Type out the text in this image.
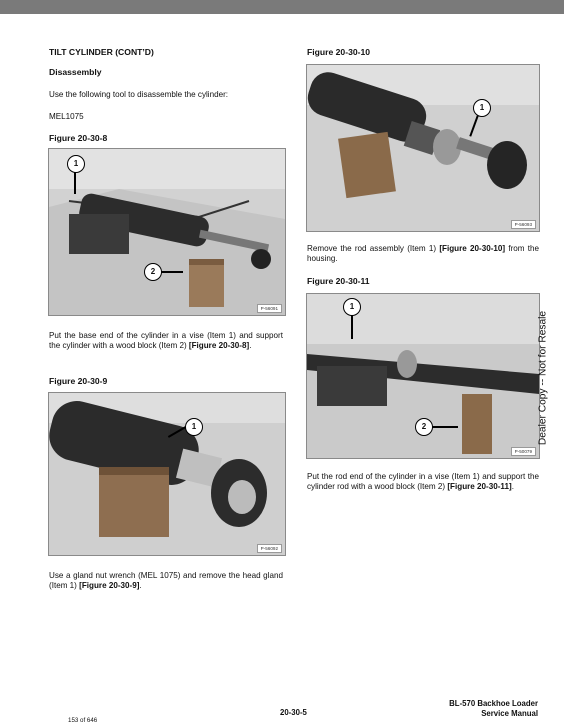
TILT CYLINDER (CONT’D)
Disassembly
Use the following tool to disassemble the cylinder:
MEL1075
Figure 20-30-8
1
2
P-56091
Put the base end of the cylinder in a vise (Item 1) and support the cylinder with a wood block (Item 2) [Figure 20-30-8].
Figure 20-30-9
1
P-56092
Use a gland nut wrench (MEL 1075) and remove the head gland (Item 1) [Figure 20-30-9].
Figure 20-30-10
1
P-56093
Remove the rod assembly (Item 1) [Figure 20-30-10] from the housing.
Figure 20-30-11
1
2
P-50079
Put the rod end of the cylinder in a vise (Item 1) and support the cylinder rod with a wood block (Item 2) [Figure 20-30-11].
Dealer Copy -- Not for Resale
153 of 646
20-30-5
BL-570 Backhoe Loader
Service Manual
